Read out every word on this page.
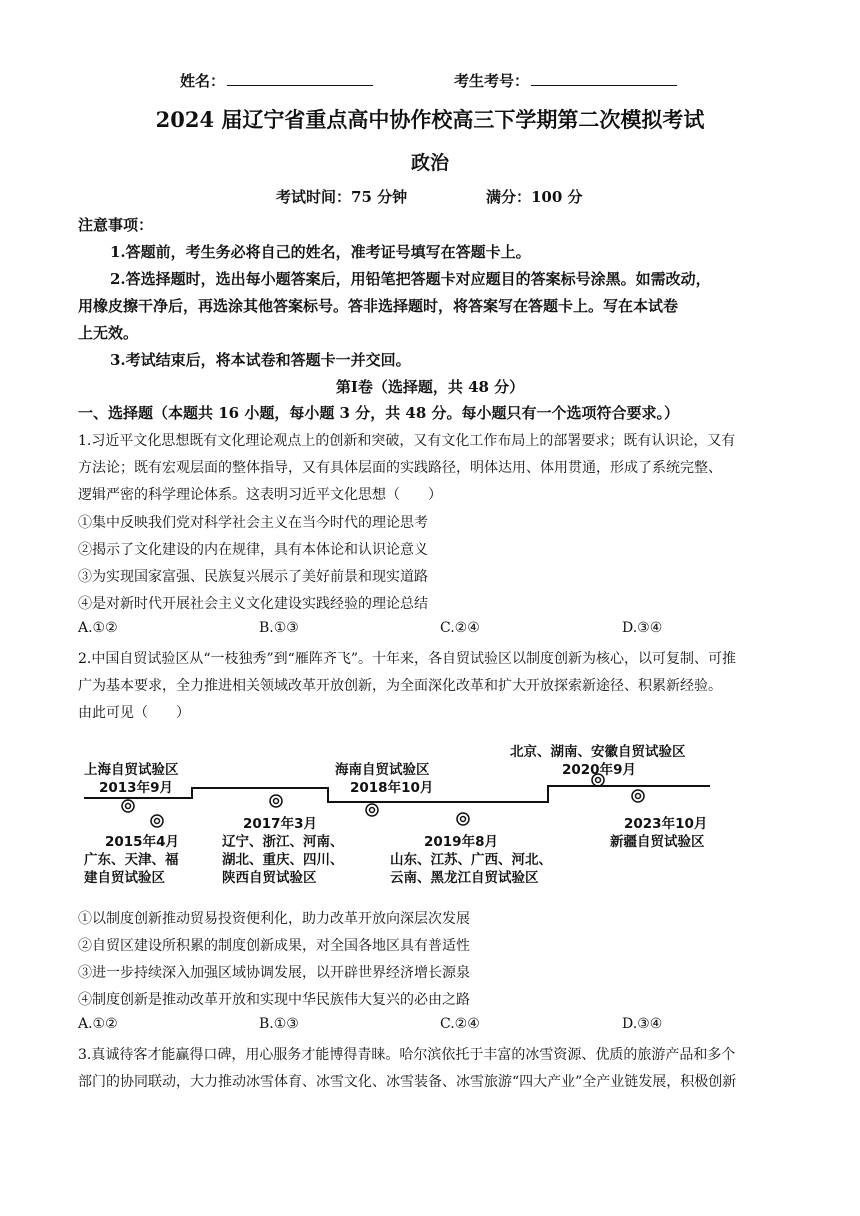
姓名：	考生考号：
2024 届辽宁省重点高中协作校高三下学期第二次模拟考试
政治
考试时间：75 分钟	满分：100 分
注意事项：
1.答题前，考生务必将自己的姓名，准考证号填写在答题卡上。
2.答选择题时，选出每小题答案后，用铅笔把答题卡对应题目的答案标号涂黑。如需改动，
用橡皮擦干净后，再选涂其他答案标号。答非选择题时，将答案写在答题卡上。写在本试卷
上无效。
3.考试结束后，将本试卷和答题卡一并交回。
第Ⅰ卷（选择题，共 48 分）
一、选择题（本题共 16 小题，每小题 3 分，共 48 分。每小题只有一个选项符合要求。）
1.习近平文化思想既有文化理论观点上的创新和突破，又有文化工作布局上的部署要求；既有认识论，又有
方法论；既有宏观层面的整体指导，又有具体层面的实践路径，明体达用、体用贯通，形成了系统完整、
逻辑严密的科学理论体系。这表明习近平文化思想（　　）
①集中反映我们党对科学社会主义在当今时代的理论思考
②揭示了文化建设的内在规律，具有本体论和认识论意义
③为实现国家富强、民族复兴展示了美好前景和现实道路
④是对新时代开展社会主义文化建设实践经验的理论总结
A.①②	B.①③	C.②④	D.③④
2.中国自贸试验区从“一枝独秀”到“雁阵齐飞”。十年来，各自贸试验区以制度创新为核心，以可复制、可推
广为基本要求，全力推进相关领域改革开放创新，为全面深化改革和扩大开放探索新途径、积累新经验。
由此可见（　　）
上海自贸试验区
2013年9月
2015年4月
广东、天津、福
建自贸试验区
2017年3月
辽宁、浙江、河南、
湖北、重庆、四川、
陕西自贸试验区
海南自贸试验区
2018年10月
2019年8月
山东、江苏、广西、河北、
云南、黑龙江自贸试验区
北京、湖南、安徽自贸试验区
2020年9月
2023年10月
新疆自贸试验区
①以制度创新推动贸易投资便利化，助力改革开放向深层次发展
②自贸区建设所积累的制度创新成果，对全国各地区具有普适性
③进一步持续深入加强区域协调发展，以开辟世界经济增长源泉
④制度创新是推动改革开放和实现中华民族伟大复兴的必由之路
A.①②	B.①③	C.②④	D.③④
3.真诚待客才能赢得口碑，用心服务才能博得青睐。哈尔滨依托于丰富的冰雪资源、优质的旅游产品和多个
部门的协同联动，大力推动冰雪体育、冰雪文化、冰雪装备、冰雪旅游“四大产业”全产业链发展，积极创新
